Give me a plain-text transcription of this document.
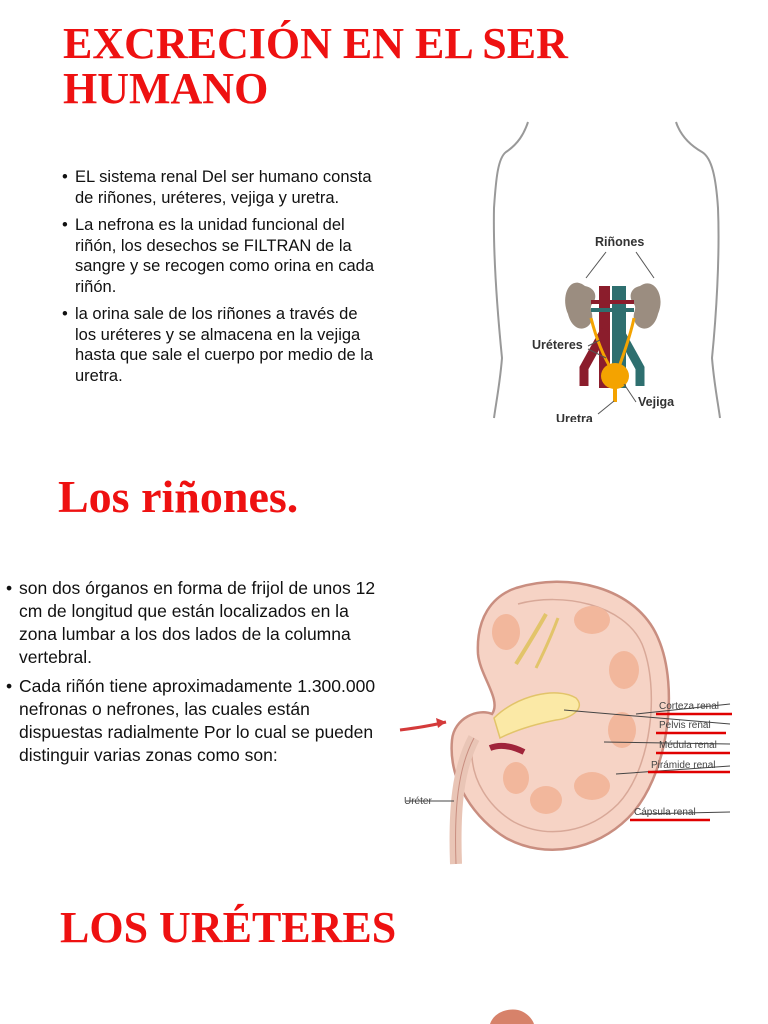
EXCRECIÓN EN EL SER HUMANO
• EL sistema renal Del ser humano consta de riñones, uréteres, vejiga y uretra.
• La nefrona es la unidad funcional del riñón, los desechos se FILTRAN de la sangre y se recogen como orina en cada riñón.
• la orina sale de los riñones a través de los uréteres y se almacena en la vejiga hasta que sale el cuerpo por medio de la uretra.
Riñones
Uréteres
Vejiga
Uretra
Los riñones.
• son dos órganos en forma de frijol de unos 12 cm de longitud que están localizados en la zona lumbar a los dos lados de la columna vertebral.
• Cada riñón tiene aproximadamente 1.300.000 nefronas o nefrones, las cuales están dispuestas radialmente Por lo cual se pueden distinguir varias zonas como son:
Corteza renal
Pelvis renal
Médula renal
Pirámide renal
Cápsula renal
Uréter
LOS URÉTERES
